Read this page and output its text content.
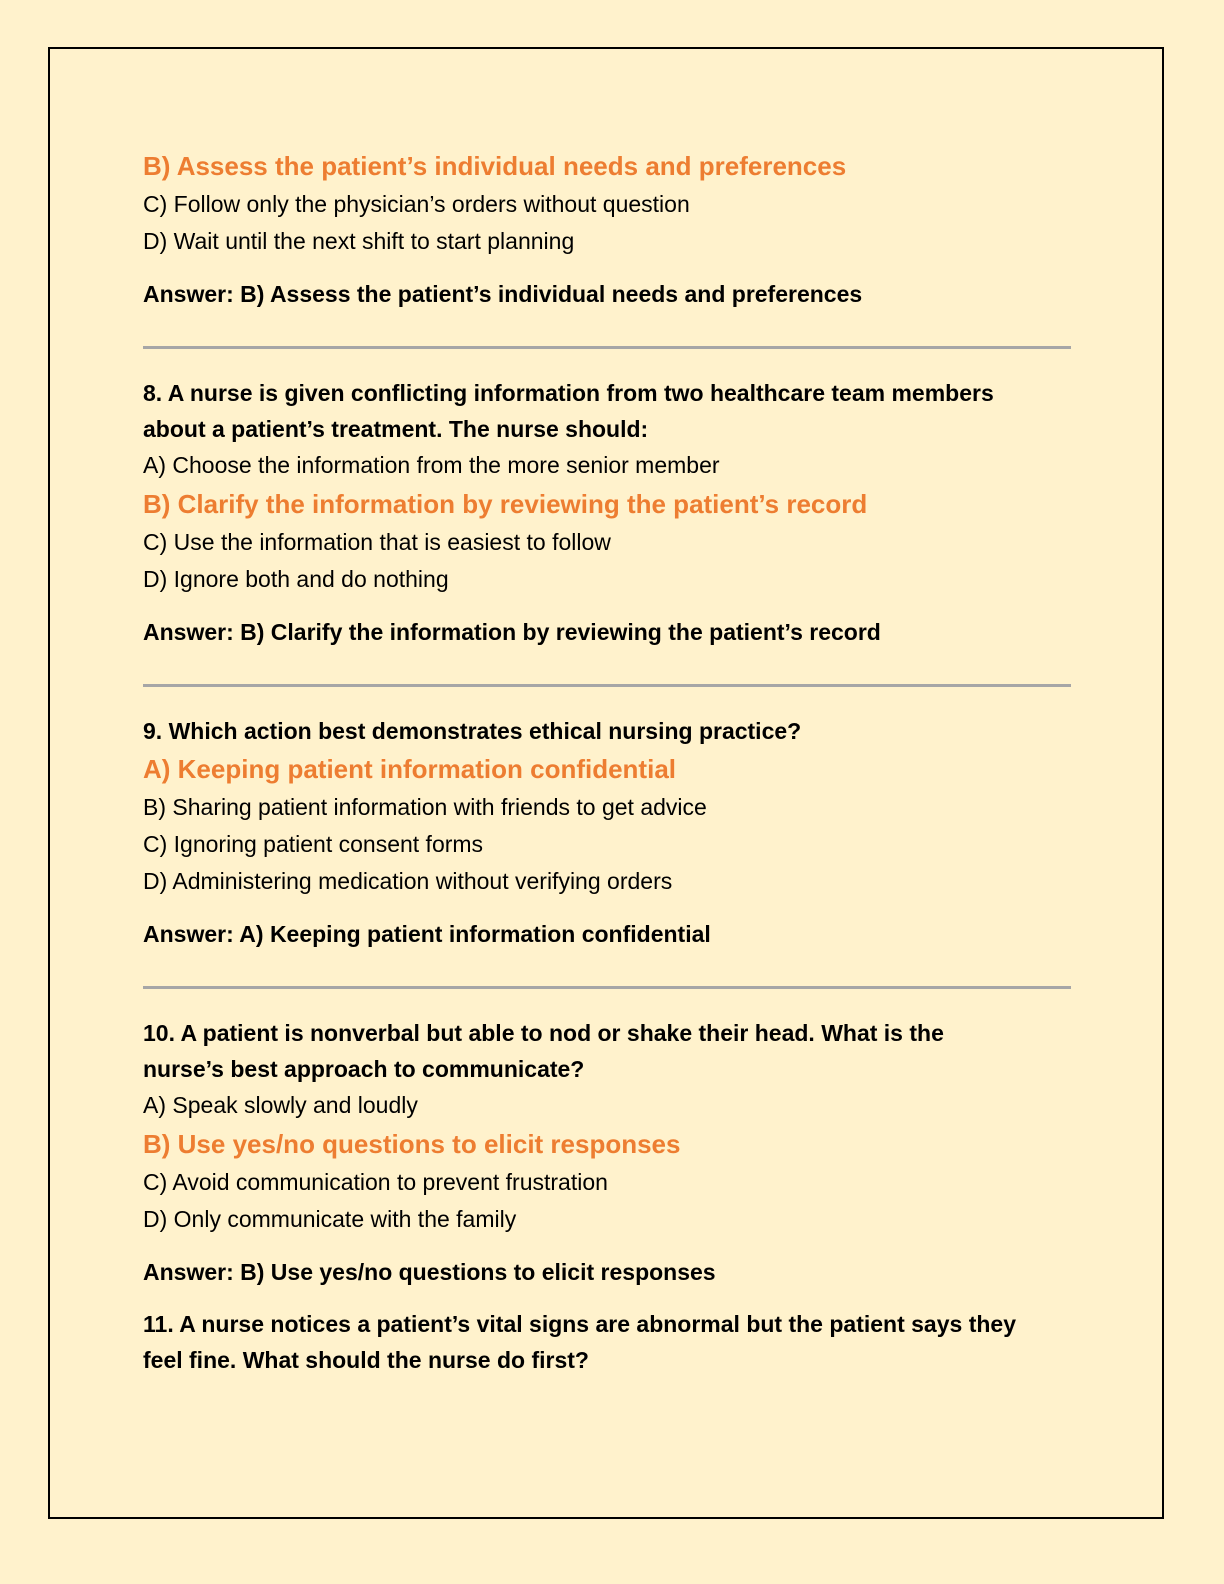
B) Assess the patient’s individual needs and preferences

C) Follow only the physician’s orders without question

D) Wait until the next shift to start planning

Answer: B) Assess the patient’s individual needs and preferences

8. A nurse is given conflicting information from two healthcare team members

about a patient’s treatment. The nurse should:

A) Choose the information from the more senior member

B) Clarify the information by reviewing the patient’s record

C) Use the information that is easiest to follow

D) Ignore both and do nothing

Answer: B) Clarify the information by reviewing the patient’s record

9. Which action best demonstrates ethical nursing practice?

A) Keeping patient information confidential

B) Sharing patient information with friends to get advice

C) Ignoring patient consent forms

D) Administering medication without verifying orders

Answer: A) Keeping patient information confidential

10. A patient is nonverbal but able to nod or shake their head. What is the

nurse’s best approach to communicate?

A) Speak slowly and loudly

B) Use yes/no questions to elicit responses

C) Avoid communication to prevent frustration

D) Only communicate with the family

Answer: B) Use yes/no questions to elicit responses

11. A nurse notices a patient’s vital signs are abnormal but the patient says they

feel fine. What should the nurse do first?
